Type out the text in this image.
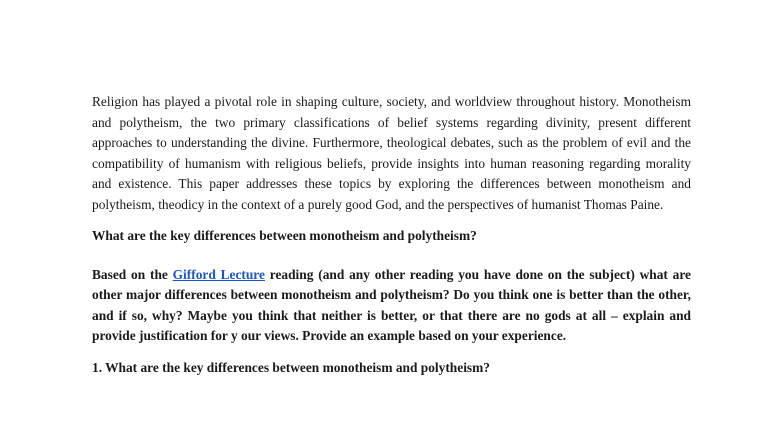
Religion has played a pivotal role in shaping culture, society, and worldview throughout history. Monotheism and polytheism, the two primary classifications of belief systems regarding divinity, present different approaches to understanding the divine. Furthermore, theological debates, such as the problem of evil and the compatibility of humanism with religious beliefs, provide insights into human reasoning regarding morality and existence. This paper addresses these topics by exploring the differences between monotheism and polytheism, theodicy in the context of a purely good God, and the perspectives of humanist Thomas Paine.

What are the key differences between monotheism and polytheism?

Based on the Gifford Lecture reading (and any other reading you have done on the subject) what are other major differences between monotheism and polytheism? Do you think one is better than the other, and if so, why? Maybe you think that neither is better, or that there are no gods at all – explain and provide justification for y our views. Provide an example based on your experience.

1. What are the key differences between monotheism and polytheism?
